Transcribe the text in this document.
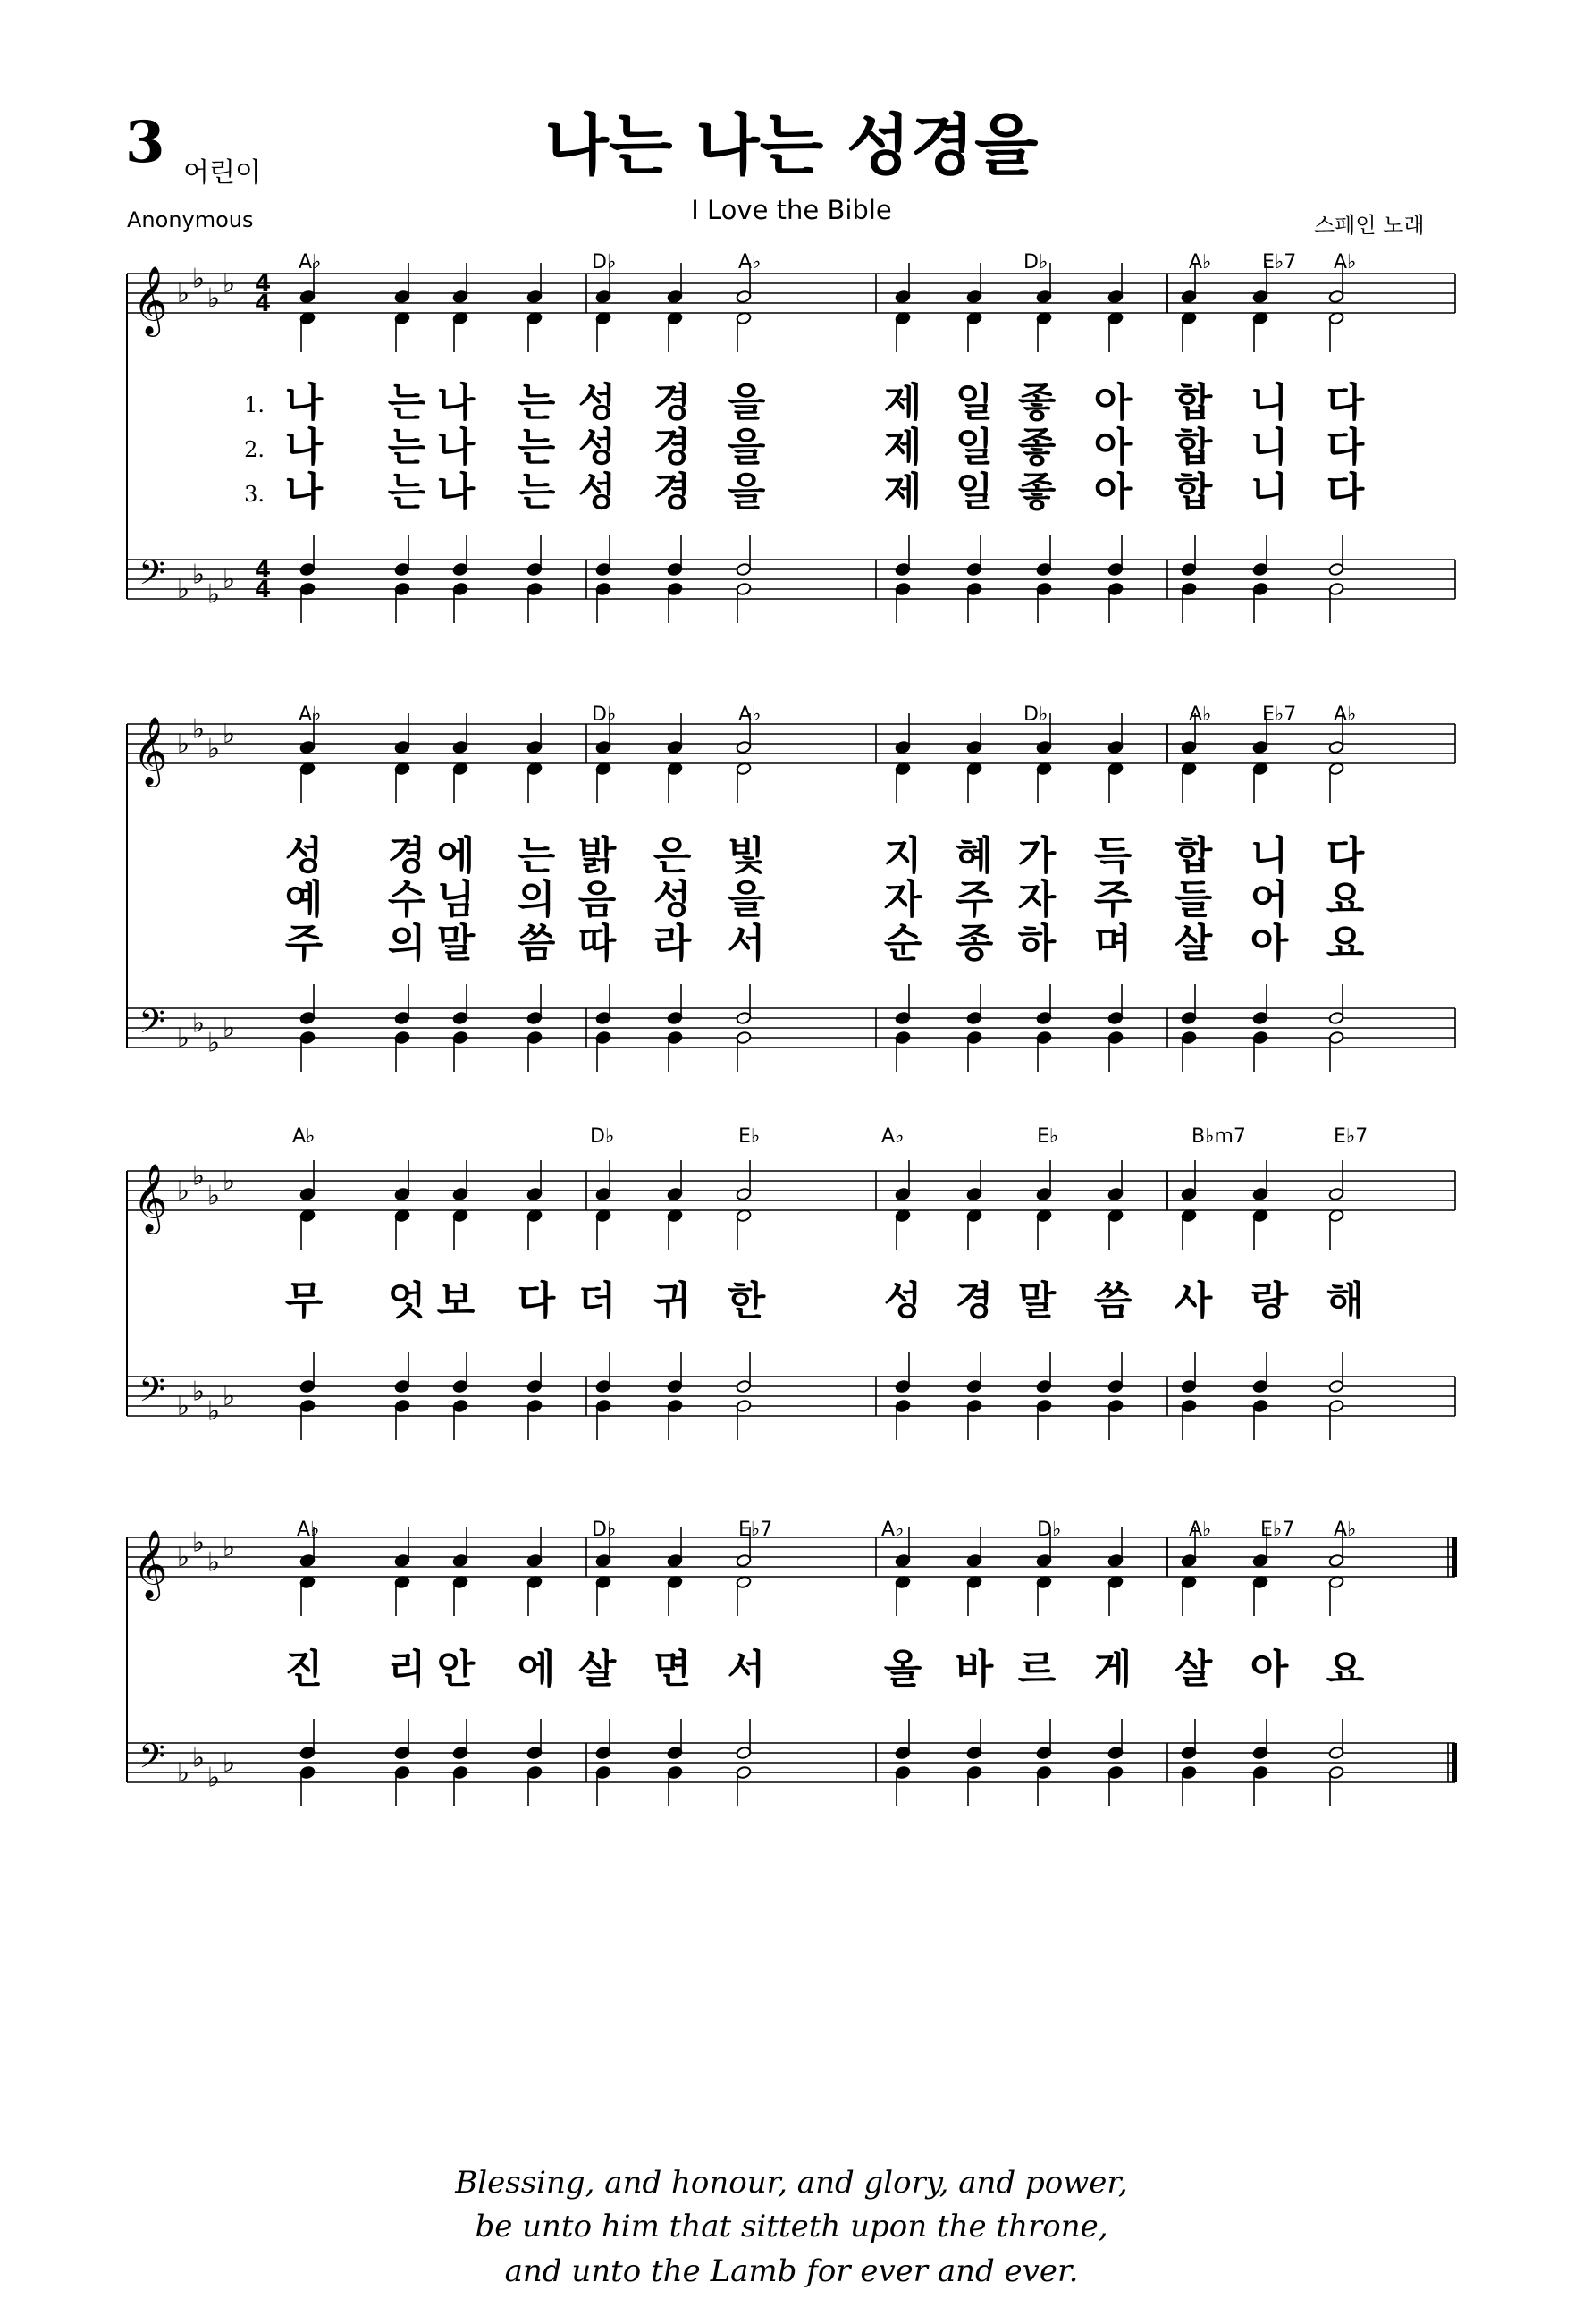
3 어린이	나는 나는 성경을
I Love the Bible
Anonymous	스페인 노래
𝄞
𝄢
♭ ♭
♭ ♭
♭ ♭
♭ ♭
4
4
4
4
A♭	D♭	A♭	D♭	A♭	E♭7 A♭
1.
2.
3.
나 는 나 는 성 경 을	제 일 좋 아 합 니 다
나 는 나 는 성 경 을	제 일 좋 아 합 니 다
나 는 나 는 성 경 을	제 일 좋 아 합 니 다
𝄞
𝄢
♭ ♭
♭ ♭
♭ ♭
♭ ♭
A♭	D♭	A♭	D♭	A♭	E♭7 A♭
성 경 에 는 밝 은 빛	지 혜 가 득 합 니 다
예 수 님 의 음 성 을	자 주 자 주 들 어 요
주 의 말 씀 따 라 서	순 종 하 며 살 아 요
𝄞
𝄢
♭ ♭
♭ ♭
♭ ♭
♭ ♭
A♭	D♭	E♭	A♭	E♭	B♭m7	E♭7
무 엇 보 다 더 귀 한	성 경 말 씀 사 랑 해
𝄞
𝄢
♭ ♭
♭ ♭
♭ ♭
♭ ♭
A♭	D♭	E♭7	A♭	D♭	A♭ E♭7 A♭
진 리 안 에 살 면 서	올 바 르 게 살 아 요
Blessing, and honour, and glory, and power,
be unto him that sitteth upon the throne,
and unto the Lamb for ever and ever.
